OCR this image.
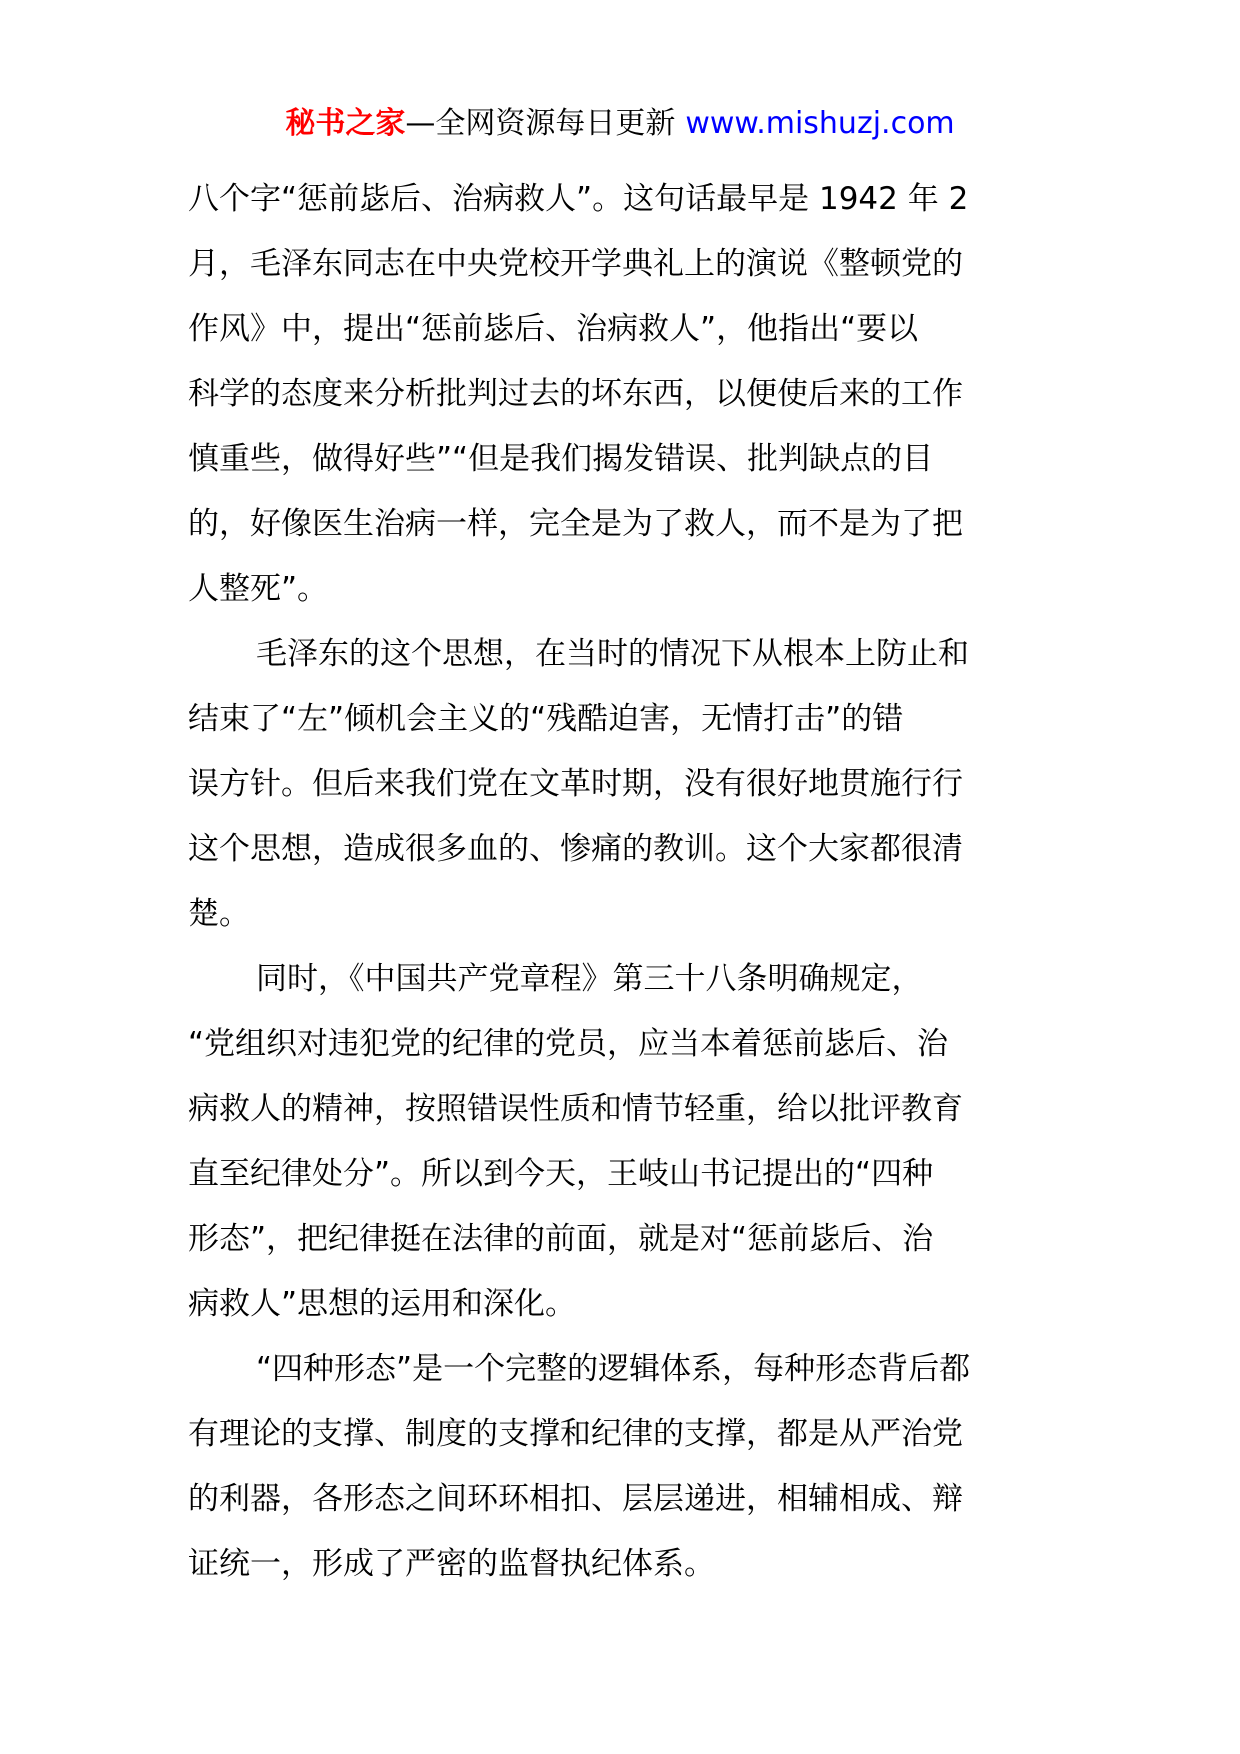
秘书之家—全网资源每日更新 www.mishuzj.com
八个字“惩前毖后、治病救人”。这句话最早是 1942 年 2
月，毛泽东同志在中央党校开学典礼上的演说《整顿党的
作风》中，提出“惩前毖后、治病救人”，他指出“要以
科学的态度来分析批判过去的坏东西，以便使后来的工作
慎重些，做得好些”“但是我们揭发错误、批判缺点的目
的，好像医生治病一样，完全是为了救人，而不是为了把
人整死”。
毛泽东的这个思想，在当时的情况下从根本上防止和
结束了“左”倾机会主义的“残酷迫害，无情打击”的错
误方针。但后来我们党在文革时期，没有很好地贯施行行
这个思想，造成很多血的、惨痛的教训。这个大家都很清
楚。
同时，《中国共产党章程》第三十八条明确规定，
“党组织对违犯党的纪律的党员，应当本着惩前毖后、治
病救人的精神，按照错误性质和情节轻重，给以批评教育
直至纪律处分”。所以到今天，王岐山书记提出的“四种
形态”，把纪律挺在法律的前面，就是对“惩前毖后、治
病救人”思想的运用和深化。
“四种形态”是一个完整的逻辑体系，每种形态背后都
有理论的支撑、制度的支撑和纪律的支撑，都是从严治党
的利器，各形态之间环环相扣、层层递进，相辅相成、辩
证统一，形成了严密的监督执纪体系。
